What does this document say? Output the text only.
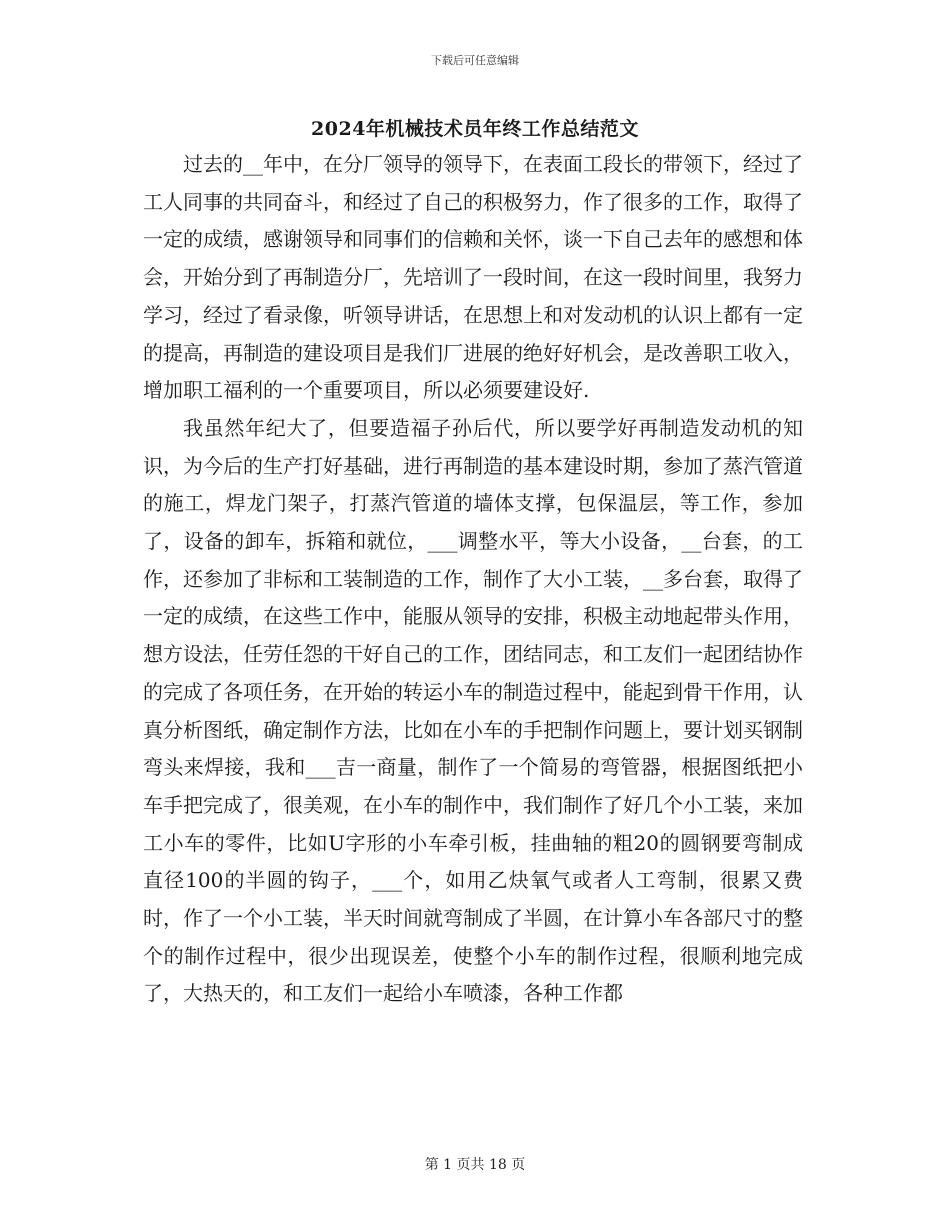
下载后可任意编辑
2024年机械技术员年终工作总结范文

过去的__年中，在分厂领导的领导下，在表面工段长的带领下，经过了工人同事的共同奋斗，和经过了自己的积极努力，作了很多的工作，取得了一定的成绩，感谢领导和同事们的信赖和关怀，谈一下自己去年的感想和体会，开始分到了再制造分厂，先培训了一段时间，在这一段时间里，我努力学习，经过了看录像，听领导讲话，在思想上和对发动机的认识上都有一定的提高，再制造的建设项目是我们厂进展的绝好好机会，是改善职工收入，增加职工福利的一个重要项目，所以必须要建设好.

我虽然年纪大了，但要造福子孙后代，所以要学好再制造发动机的知识，为今后的生产打好基础，进行再制造的基本建设时期，参加了蒸汽管道的施工，焊龙门架子，打蒸汽管道的墙体支撑，包保温层，等工作，参加了，设备的卸车，拆箱和就位，___调整水平，等大小设备，__台套，的工作，还参加了非标和工装制造的工作，制作了大小工装，__多台套，取得了一定的成绩，在这些工作中，能服从领导的安排，积极主动地起带头作用，想方设法，任劳任怨的干好自己的工作，团结同志，和工友们一起团结协作的完成了各项任务，在开始的转运小车的制造过程中，能起到骨干作用，认真分析图纸，确定制作方法，比如在小车的手把制作问题上，要计划买钢制弯头来焊接，我和___吉一商量，制作了一个简易的弯管器，根据图纸把小车手把完成了，很美观，在小车的制作中，我们制作了好几个小工装，来加工小车的零件，比如U字形的小车牵引板，挂曲轴的粗20的圆钢要弯制成直径100的半圆的钩子，___个，如用乙炔氧气或者人工弯制，很累又费时，作了一个小工装，半天时间就弯制成了半圆，在计算小车各部尺寸的整个的制作过程中，很少出现误差，使整个小车的制作过程，很顺利地完成了，大热天的，和工友们一起给小车喷漆，各种工作都

第 1 页共 18 页
